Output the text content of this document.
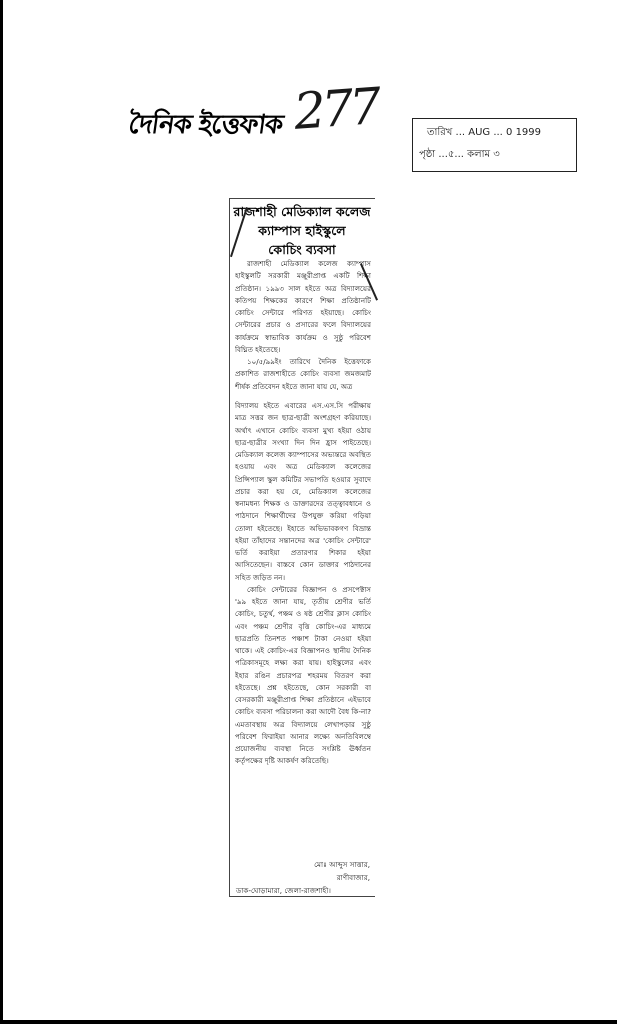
দৈনিক ইত্তেফাক 277	তারিখ ... AUG ... 0 1999
পৃষ্ঠা ...৫... কলাম ৩
রাজশাহী মেডিক্যাল কলেজ
ক্যাম্পাস হাইস্কুলে
কোচিং ব্যবসা

রাজশাহী মেডিক্যাল কলেজ ক্যাম্পাস হাইস্কুলটি সরকারী মঞ্জুরীপ্রাপ্ত একটি শিক্ষা প্রতিষ্ঠান। ১৯৯৩ সাল হইতে অত্র বিদ্যালয়ের কতিপয় শিক্ষকের কারণে শিক্ষা প্রতিষ্ঠানটি কোচিং সেন্টারে পরিণত হইয়াছে। কোচিং সেন্টারের প্রচার ও প্রসারের ফলে বিদ্যালয়ের কার্যক্রমে স্বাভাবিক কার্যক্রম ও সুষ্ঠু পরিবেশ বিঘ্নিত হইতেছে।

১০/৫/৯৯ইং তারিখে দৈনিক ইত্তেফাকে প্রকাশিত রাজশাহীতে কোচিং ব্যবসা জমজমাট শীর্ষক প্রতিবেদন হইতে জানা যায় যে, অত্র

বিদ্যালয় হইতে এবারের এস.এস.সি পরীক্ষায় মাত্র সত্তর জন ছাত্র-ছাত্রী অংশগ্রহণ করিয়াছে। অর্থাৎ এখানে কোচিং ব্যবসা মুখ্য হইয়া ওঠায় ছাত্র-ছাত্রীর সংখ্যা দিন দিন হ্রাস পাইতেছে। মেডিক্যাল কলেজ ক্যাম্পাসের অভ্যন্তরে অবস্থিত হওয়ায় এবং অত্র মেডিক্যাল কলেজের প্রিন্সিপ্যাল স্কুল কমিটির সভাপতি হওয়ার সুবাদে প্রচার করা হয় যে, মেডিক্যাল কলেজের স্বনামধন্য শিক্ষক ও ডাক্তারদের তত্ত্বাবধানে ও পাঠদানে শিক্ষার্থীদের উপযুক্ত করিয়া গড়িয়া তোলা হইতেছে। ইহাতে অভিভাবকগণ বিভ্রান্ত হইয়া তাঁহাদের সন্তানদের অত্র 'কোচিং সেন্টারে' ভর্তি করাইয়া প্রতারণার শিকার হইয়া আসিতেছেন। বাস্তবে কোন ডাক্তার পাঠদানের সহিত জড়িত নন।

কোচিং সেন্টারের বিজ্ঞাপন ও প্রসপেক্টাস '৯৯ হইতে জানা যায়, তৃতীয় শ্রেণীর ভর্তি কোচিং, চতুর্থ, পঞ্চম ও ষষ্ঠ শ্রেণীর ক্লাস কোচিং এবং পঞ্চম শ্রেণীর বৃত্তি কোচিং-এর মাধ্যমে ছাত্রপ্রতি তিনশত পঞ্চাশ টাকা নেওয়া হইয়া থাকে। এই কোচিং-এর বিজ্ঞাপনও স্থানীয় দৈনিক পত্রিকাসমূহে লক্ষ্য করা যায়। হাইস্কুলের এবং ইহার রঙিন প্রচারপত্র শহরময় বিতরণ করা হইতেছে। প্রশ্ন হইতেছে, কোন সরকারী বা বেসরকারী মঞ্জুরীপ্রাপ্ত শিক্ষা প্রতিষ্ঠানে এইভাবে কোচিং ব্যবসা পরিচালনা করা আদৌ বৈধ কি-না? এমতাবস্থায় অত্র বিদ্যালয়ে লেখাপড়ার সুষ্ঠু পরিবেশ ফিরাইয়া আনার লক্ষ্যে অনতিবিলম্বে প্রয়োজনীয় ব্যবস্থা নিতে সংশ্লিষ্ট ঊর্ধ্বতন কর্তৃপক্ষের দৃষ্টি আকর্ষণ করিতেছি।

মোঃ আব্দুস সাত্তার,
রাণীবাজার,
ডাক-ঘোড়ামারা, জেলা-রাজশাহী।
